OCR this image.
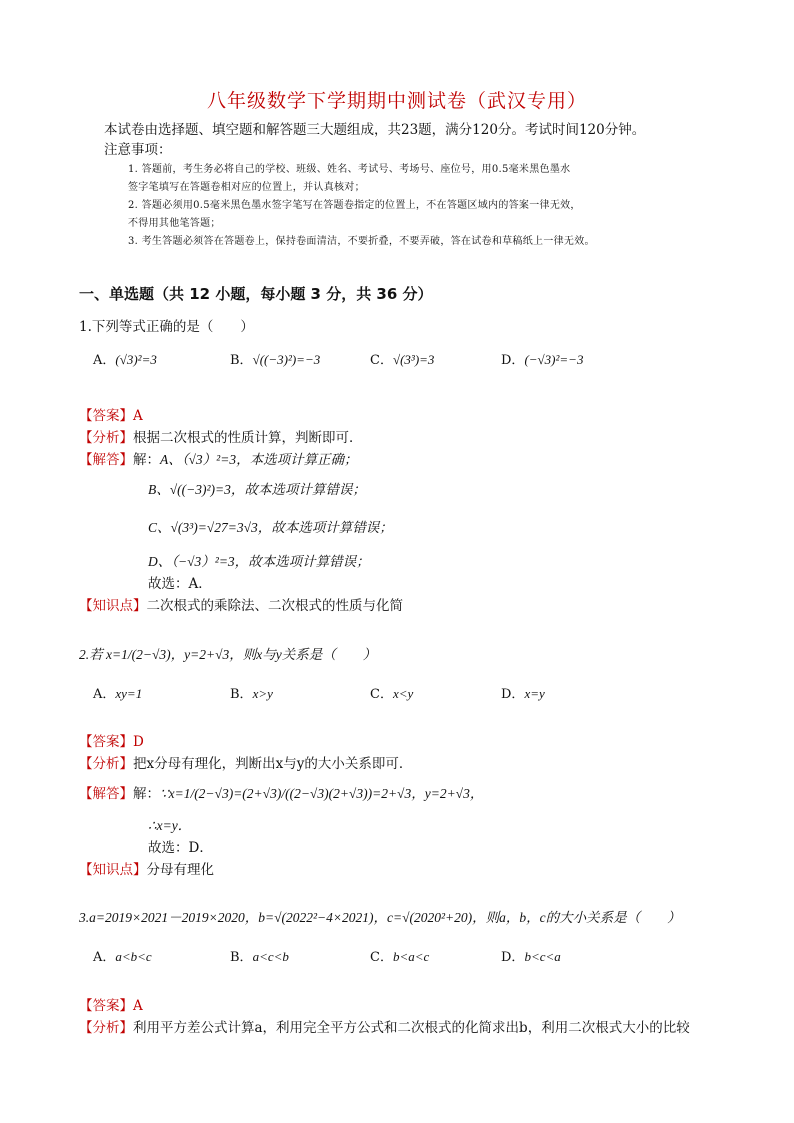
八年级数学下学期期中测试卷（武汉专用）
本试卷由选择题、填空题和解答题三大题组成，共23题，满分120分。考试时间120分钟。
注意事项：
1. 答题前，考生务必将自己的学校、班级、姓名、考试号、考场号、座位号，用0.5毫米黑色墨水
签字笔填写在答题卷相对应的位置上，并认真核对；
2. 答题必须用0.5毫米黑色墨水签字笔写在答题卷指定的位置上，不在答题区域内的答案一律无效，
不得用其他笔答题；
3. 考生答题必须答在答题卷上，保持卷面清洁，不要折叠，不要弄破，答在试卷和草稿纸上一律无效。
一、单选题（共 12 小题，每小题 3 分，共 36 分）
1.下列等式正确的是（　　）
A．(√3)²=3	B．√((−3)²)=−3	C．√(3³)=3	D．(−√3)²=−3
【答案】A
【分析】根据二次根式的性质计算，判断即可．
【解答】解：A、（√3）²=3，本选项计算正确；
B、√((−3)²)=3，故本选项计算错误；
C、√(3³)=√27=3√3，故本选项计算错误；
D、（−√3）²=3，故本选项计算错误；
故选：A．
【知识点】二次根式的乘除法、二次根式的性质与化简
2.若 x=1/(2−√3)，y=2+√3，则x与y关系是（　　）
A．xy=1	B．x>y	C．x<y	D．x=y
【答案】D
【分析】把x分母有理化，判断出x与y的大小关系即可．
【解答】解：∵x=1/(2−√3)=(2+√3)/((2−√3)(2+√3))=2+√3，y=2+√3，
∴x=y．
故选：D．
【知识点】分母有理化
3.a=2019×2021－2019×2020，b=√(2022²−4×2021)，c=√(2020²+20)，则a，b，c的大小关系是（　　）
A．a<b<c	B．a<c<b	C．b<a<c	D．b<c<a
【答案】A
【分析】利用平方差公式计算a，利用完全平方公式和二次根式的化简求出b，利用二次根式大小的比较
